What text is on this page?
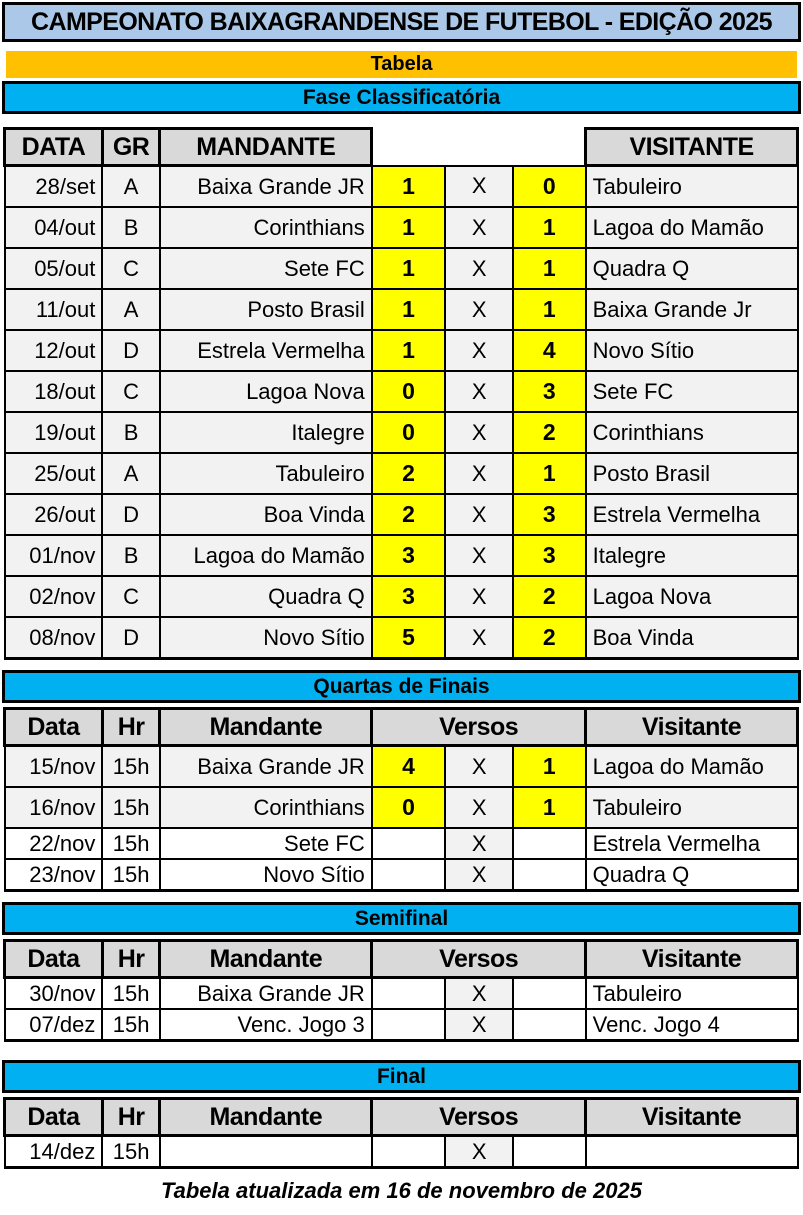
CAMPEONATO BAIXAGRANDENSE DE FUTEBOL - EDIÇÃO 2025
Tabela
Fase Classificatória
DATA	GR	MANDANTE				VISITANTE
28/set	A	Baixa Grande JR	1	X	0	Tabuleiro
04/out	B	Corinthians	1	X	1	Lagoa do Mamão
05/out	C	Sete FC	1	X	1	Quadra Q
11/out	A	Posto Brasil	1	X	1	Baixa Grande Jr
12/out	D	Estrela Vermelha	1	X	4	Novo Sítio
18/out	C	Lagoa Nova	0	X	3	Sete FC
19/out	B	Italegre	0	X	2	Corinthians
25/out	A	Tabuleiro	2	X	1	Posto Brasil
26/out	D	Boa Vinda	2	X	3	Estrela Vermelha
01/nov	B	Lagoa do Mamão	3	X	3	Italegre
02/nov	C	Quadra Q	3	X	2	Lagoa Nova
08/nov	D	Novo Sítio	5	X	2	Boa Vinda
Quartas de Finais
Data	Hr	Mandante	Versos			Visitante
15/nov	15h	Baixa Grande JR	4	X	1	Lagoa do Mamão
16/nov	15h	Corinthians	0	X	1	Tabuleiro
22/nov	15h	Sete FC		X		Estrela Vermelha
23/nov	15h	Novo Sítio		X		Quadra Q
Semifinal
Data	Hr	Mandante	Versos			Visitante
30/nov	15h	Baixa Grande JR		X		Tabuleiro
07/dez	15h	Venc. Jogo 3		X		Venc. Jogo 4
Final
Data	Hr	Mandante	Versos			Visitante
14/dez	15h			X		
Tabela atualizada em 16 de novembro de 2025
